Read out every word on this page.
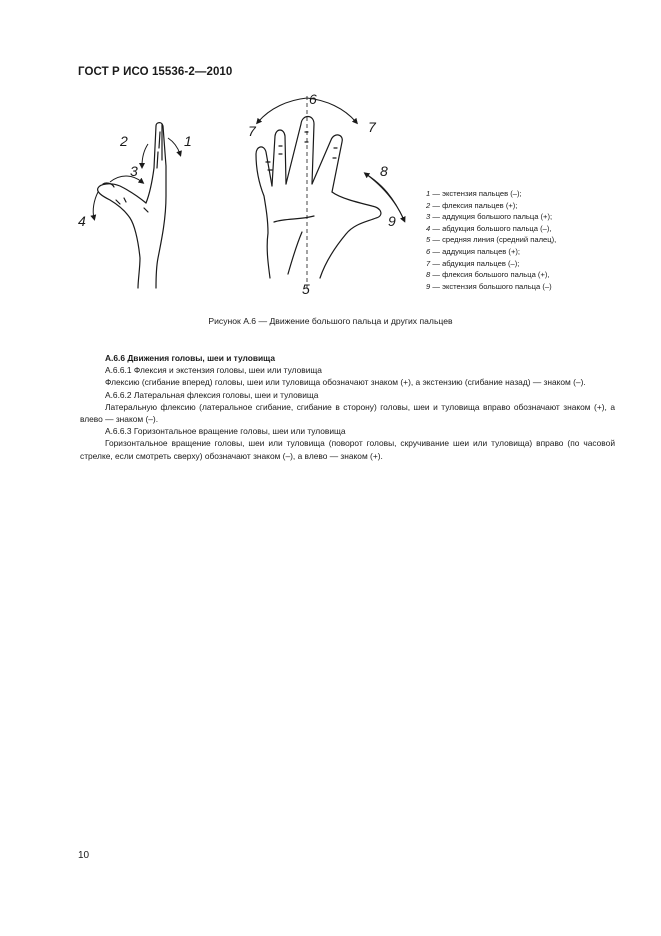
ГОСТ Р ИСО 15536-2—2010
1
2
3
4
6
7	7
8
9
5
1 — экстензия пальцев (–);
2 — флексия пальцев (+);
3 — аддукция большого пальца (+);
4 — абдукция большого пальца (–),
5 — средняя линия (средний палец),
6 — аддукция пальцев (+);
7 — абдукция пальцев (–);
8 — флексия большого пальца (+),
9 — экстензия большого пальца (–)
Рисунок А.6 — Движение большого пальца и других пальцев

А.6.6 Движения головы, шеи и туловища

А.6.6.1 Флексия и экстензия головы, шеи или туловища

Флексию (сгибание вперед) головы, шеи или туловища обозначают знаком (+), а экстензию (сгибание назад) — знаком (–).

А.6.6.2 Латеральная флексия головы, шеи и туловища

Латеральную флексию (латеральное сгибание, сгибание в сторону) головы, шеи и туловища вправо обозначают знаком (+), а влево — знаком (–).

А.6.6.3 Горизонтальное вращение головы, шеи или туловища

Горизонтальное вращение головы, шеи или туловища (поворот головы, скручивание шеи или туловища) вправо (по часовой стрелке, если смотреть сверху) обозначают знаком (–), а влево — знаком (+).

10
